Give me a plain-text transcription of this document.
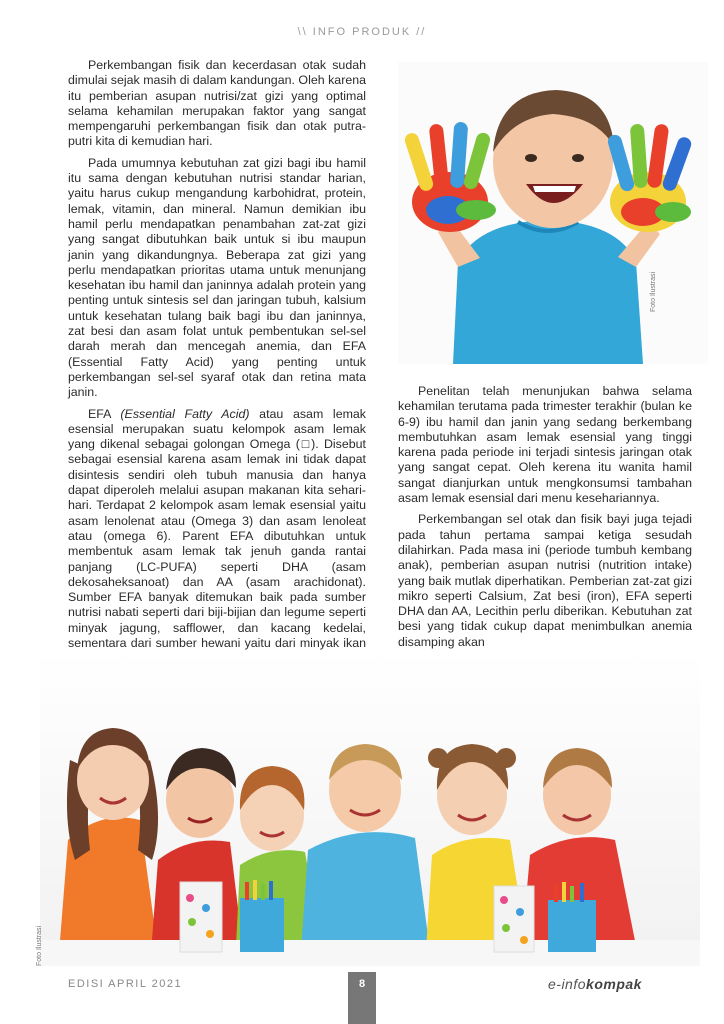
\\ INFO PRODUK //

Perkembangan fisik dan kecerdasan otak sudah dimulai sejak masih di dalam kandungan. Oleh karena itu pemberian asupan nutrisi/zat gizi yang optimal selama kehamilan merupakan faktor yang sangat mempengaruhi perkembangan fisik dan otak putra-putri kita di kemudian hari.

Pada umumnya kebutuhan zat gizi bagi ibu hamil itu sama dengan kebutuhan nutrisi standar harian, yaitu harus cukup mengandung karbohidrat, protein, lemak, vitamin, dan mineral. Namun demikian ibu hamil perlu mendapatkan penambahan zat-zat gizi yang sangat dibutuhkan baik untuk si ibu maupun janin yang dikandungnya. Beberapa zat gizi yang perlu mendapatkan prioritas utama untuk menunjang kesehatan ibu hamil dan janinnya adalah protein yang penting untuk sintesis sel dan jaringan tubuh, kalsium untuk kesehatan tulang baik bagi ibu dan janinnya, zat besi dan asam folat untuk pembentukan sel-sel darah merah dan mencegah anemia, dan EFA (Essential Fatty Acid) yang penting untuk perkembangan sel-sel syaraf otak dan retina mata janin.

EFA (Essential Fatty Acid) atau asam lemak esensial merupakan suatu kelompok asam lemak yang dikenal sebagai golongan Omega (□). Disebut sebagai esensial karena asam lemak ini tidak dapat disintesis sendiri oleh tubuh manusia dan hanya dapat diperoleh melalui asupan makanan kita sehari-hari. Terdapat 2 kelompok asam lemak esensial yaitu asam lenolenat atau (Omega 3) dan asam lenoleat atau (omega 6). Parent EFA dibutuhkan untuk membentuk asam lemak tak jenuh ganda rantai panjang (LC-PUFA) seperti DHA (asam dekosaheksanoat) dan AA (asam arachidonat). Sumber EFA banyak ditemukan baik pada sumber nutrisi nabati seperti dari biji-bijian dan legume seperti minyak jagung, safflower, dan kacang kedelai, sementara dari sumber hewani yaitu dari minyak ikan

Foto Ilustrasi

Penelitan telah menunjukan bahwa selama kehamilan terutama pada trimester terakhir (bulan ke 6-9) ibu hamil dan janin yang sedang berkembang membutuhkan asam lemak esensial yang tinggi karena pada periode ini terjadi sintesis jaringan otak yang sangat cepat. Oleh kerena itu wanita hamil sangat dianjurkan untuk mengkonsumsi tambahan asam lemak esensial dari menu kesehariannya.

Perkembangan sel otak dan fisik bayi juga tejadi pada tahun pertama sampai ketiga sesudah dilahirkan. Pada masa ini (periode tumbuh kembang anak), pemberian asupan nutrisi (nutrition intake) yang baik mutlak diperhatikan. Pemberian zat-zat gizi mikro seperti Calsium, Zat besi (iron), EFA seperti DHA dan AA, Lecithin perlu diberikan. Kebutuhan zat besi yang tidak cukup dapat menimbulkan anemia disamping akan

Foto Ilustrasi
EDISI APRIL 2021	8	e-infokompak
